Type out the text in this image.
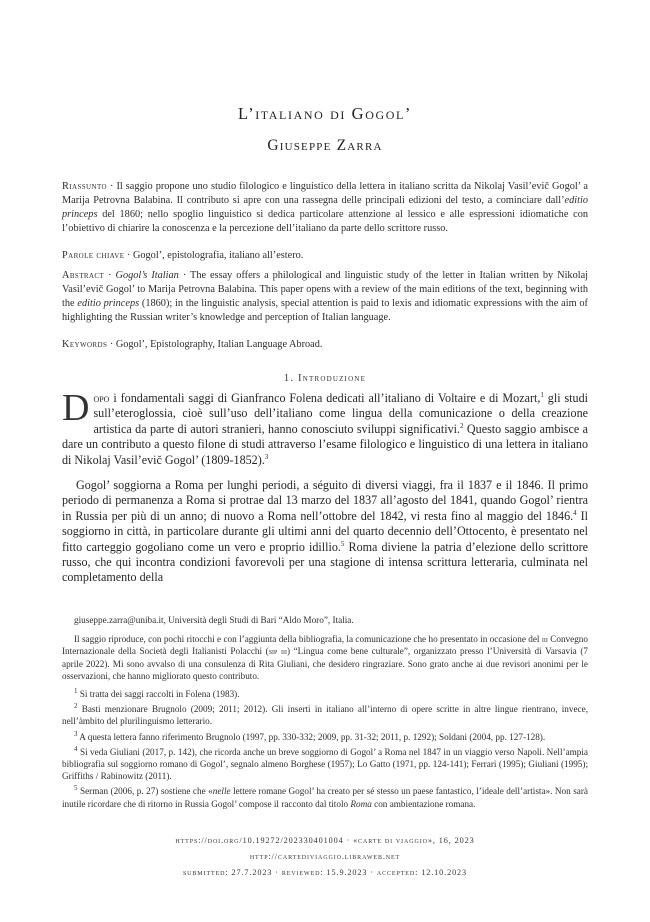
L’italiano di Gogol’
Giuseppe Zarra
Riassunto · Il saggio propone uno studio filologico e linguistico della lettera in italiano scritta da Nikolaj Vasil’evič Gogol’ a Marija Petrovna Balabina. Il contributo si apre con una rassegna delle principali edizioni del testo, a cominciare dall’editio princeps del 1860; nello spoglio linguistico si dedica particolare attenzione al lessico e alle espressioni idiomatiche con l’obiettivo di chiarire la conoscenza e la percezione dell’italiano da parte dello scrittore russo.
Parole chiave · Gogol’, epistolografia, italiano all’estero.
Abstract · Gogol’s Italian · The essay offers a philological and linguistic study of the letter in Italian written by Nikolaj Vasil’evič Gogol’ to Marija Petrovna Balabina. This paper opens with a review of the main editions of the text, beginning with the editio princeps (1860); in the linguistic analysis, special attention is paid to lexis and idiomatic expressions with the aim of highlighting the Russian writer’s knowledge and perception of Italian language.
Keywords · Gogol’, Epistolography, Italian Language Abroad.
1. Introduzione
Dopo i fondamentali saggi di Gianfranco Folena dedicati all’italiano di Voltaire e di Mozart,$^1$ gli studi sull’eteroglossia, cioè sull’uso dell’italiano come lingua della comunicazione o della creazione artistica da parte di autori stranieri, hanno conosciuto sviluppi significativi.$^2$ Questo saggio ambisce a dare un contributo a questo filone di studi attraverso l’esame filologico e linguistico di una lettera in italiano di Nikolaj Vasil’evič Gogol’ (1809-1852).$^3$
Gogol’ soggiorna a Roma per lunghi periodi, a séguito di diversi viaggi, fra il 1837 e il 1846. Il primo periodo di permanenza a Roma si protrae dal 13 marzo del 1837 all’agosto del 1841, quando Gogol’ rientra in Russia per più di un anno; di nuovo a Roma nell’ottobre del 1842, vi resta fino al maggio del 1846.$^4$ Il soggiorno in città, in particolare durante gli ultimi anni del quarto decennio dell’Ottocento, è presentato nel fitto carteggio gogoliano come un vero e proprio idillio.$^5$ Roma diviene la patria d’elezione dello scrittore russo, che qui incontra condizioni favorevoli per una stagione di intensa scrittura letteraria, culminata nel completamento della
giuseppe.zarra@uniba.it, Università degli Studi di Bari “Aldo Moro”, Italia.
Il saggio riproduce, con pochi ritocchi e con l’aggiunta della bibliografia, la comunicazione che ho presentato in occasione del iii Convegno Internazionale della Società degli Italianisti Polacchi (sip iii) “Lingua come bene culturale”, organizzato presso l’Università di Varsavia (7 aprile 2022). Mi sono avvalso di una consulenza di Rita Giuliani, che desidero ringraziare. Sono grato anche ai due revisori anonimi per le osservazioni, che hanno migliorato questo contributo.
$^1$ Si tratta dei saggi raccolti in Folena (1983).
$^2$ Basti menzionare Brugnolo (2009; 2011; 2012). Gli inserti in italiano all’interno di opere scritte in altre lingue rientrano, invece, nell’àmbito del plurilinguismo letterario.
$^3$ A questa lettera fanno riferimento Brugnolo (1997, pp. 330-332; 2009, pp. 31-32; 2011, p. 1292); Soldani (2004, pp. 127-128).
$^4$ Si veda Giuliani (2017, p. 142), che ricorda anche un breve soggiorno di Gogol’ a Roma nel 1847 in un viaggio verso Napoli. Nell’ampia bibliografia sul soggiorno romano di Gogol’, segnalo almeno Borghese (1957); Lo Gatto (1971, pp. 124-141); Ferrari (1995); Giuliani (1995); Griffiths / Rabinowitz (2011).
$^5$ Serman (2006, p. 27) sostiene che «nelle lettere romane Gogol’ ha creato per sé stesso un paese fantastico, l’ideale dell’artista». Non sarà inutile ricordare che di ritorno in Russia Gogol’ compose il racconto dal titolo Roma con ambientazione romana.
https://doi.org/10.19272/202330401004 · «carte di viaggio», 16, 2023
http://cartediviaggio.libraweb.net
submitted: 27.7.2023 · reviewed: 15.9.2023 · accepted: 12.10.2023
